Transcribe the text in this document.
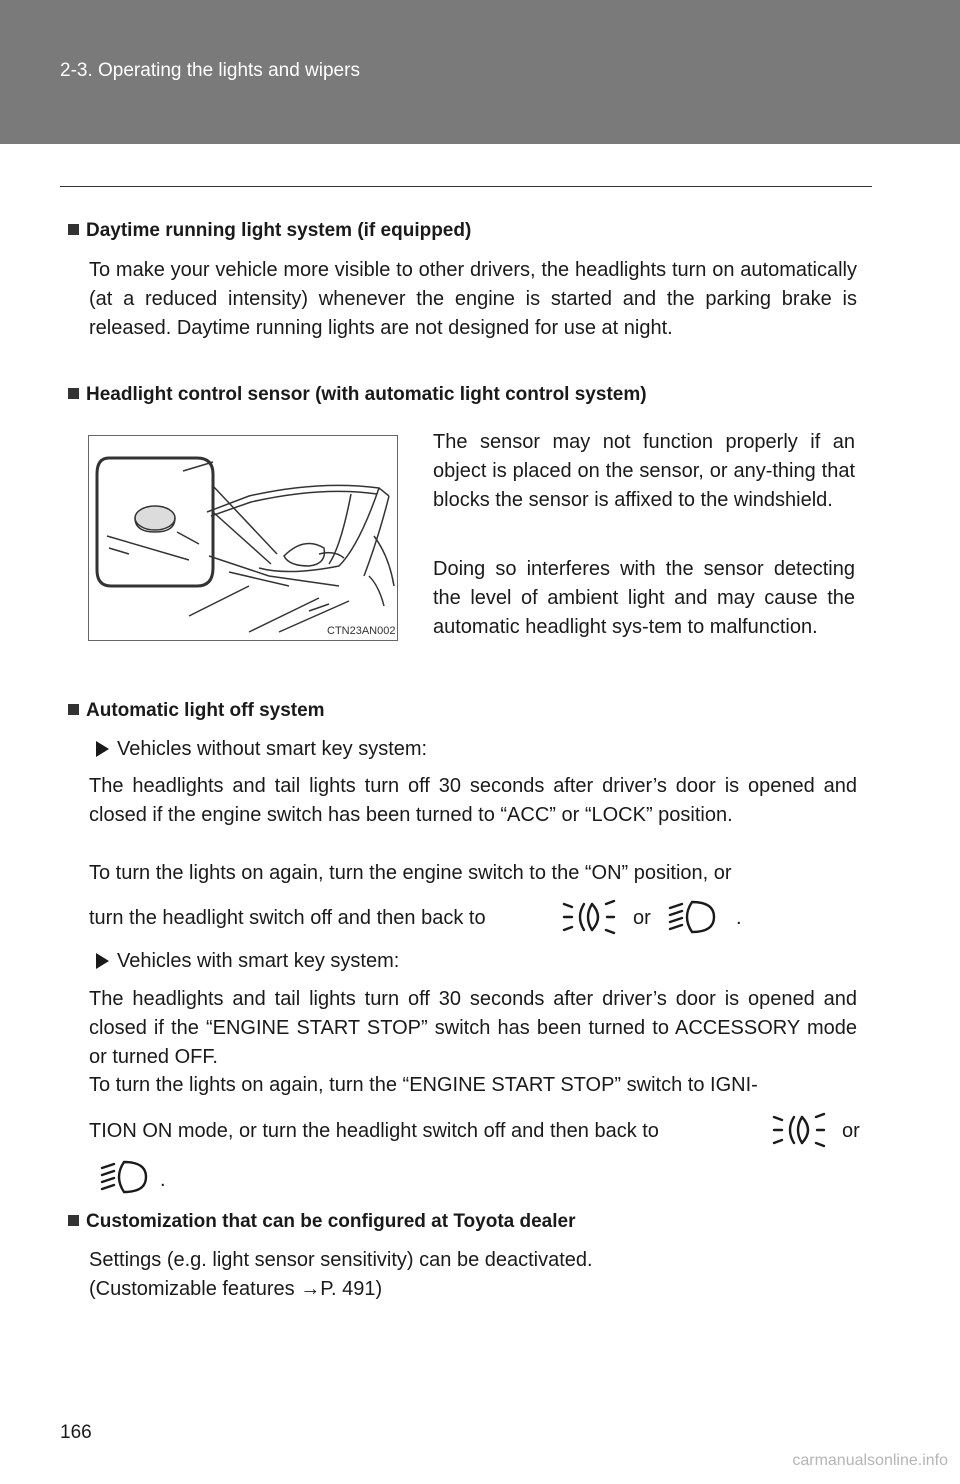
2-3. Operating the lights and wipers
Daytime running light system (if equipped)
To make your vehicle more visible to other drivers, the headlights turn on automatically (at a reduced intensity) whenever the engine is started and the parking brake is released. Daytime running lights are not designed for use at night.
Headlight control sensor (with automatic light control system)
CTN23AN002
The sensor may not function properly if an object is placed on the sensor, or any-thing that blocks the sensor is affixed to the windshield.
Doing so interferes with the sensor detecting the level of ambient light and may cause the automatic headlight sys-tem to malfunction.
Automatic light off system
Vehicles without smart key system:
The headlights and tail lights turn off 30 seconds after driver’s door is opened and closed if the engine switch has been turned to “ACC” or “LOCK” position.
To turn the lights on again, turn the engine switch to the “ON” position, or
turn the headlight switch off and then back to	or	.
Vehicles with smart key system:
The headlights and tail lights turn off 30 seconds after driver’s door is opened and closed if the “ENGINE START STOP” switch has been turned to ACCESSORY mode or turned OFF.
To turn the lights on again, turn the “ENGINE START STOP” switch to IGNI-
TION ON mode, or turn the headlight switch off and then back to	or
.
Customization that can be configured at Toyota dealer
Settings (e.g. light sensor sensitivity) can be deactivated.
(Customizable features →P. 491)
166
carmanualsonline.info
